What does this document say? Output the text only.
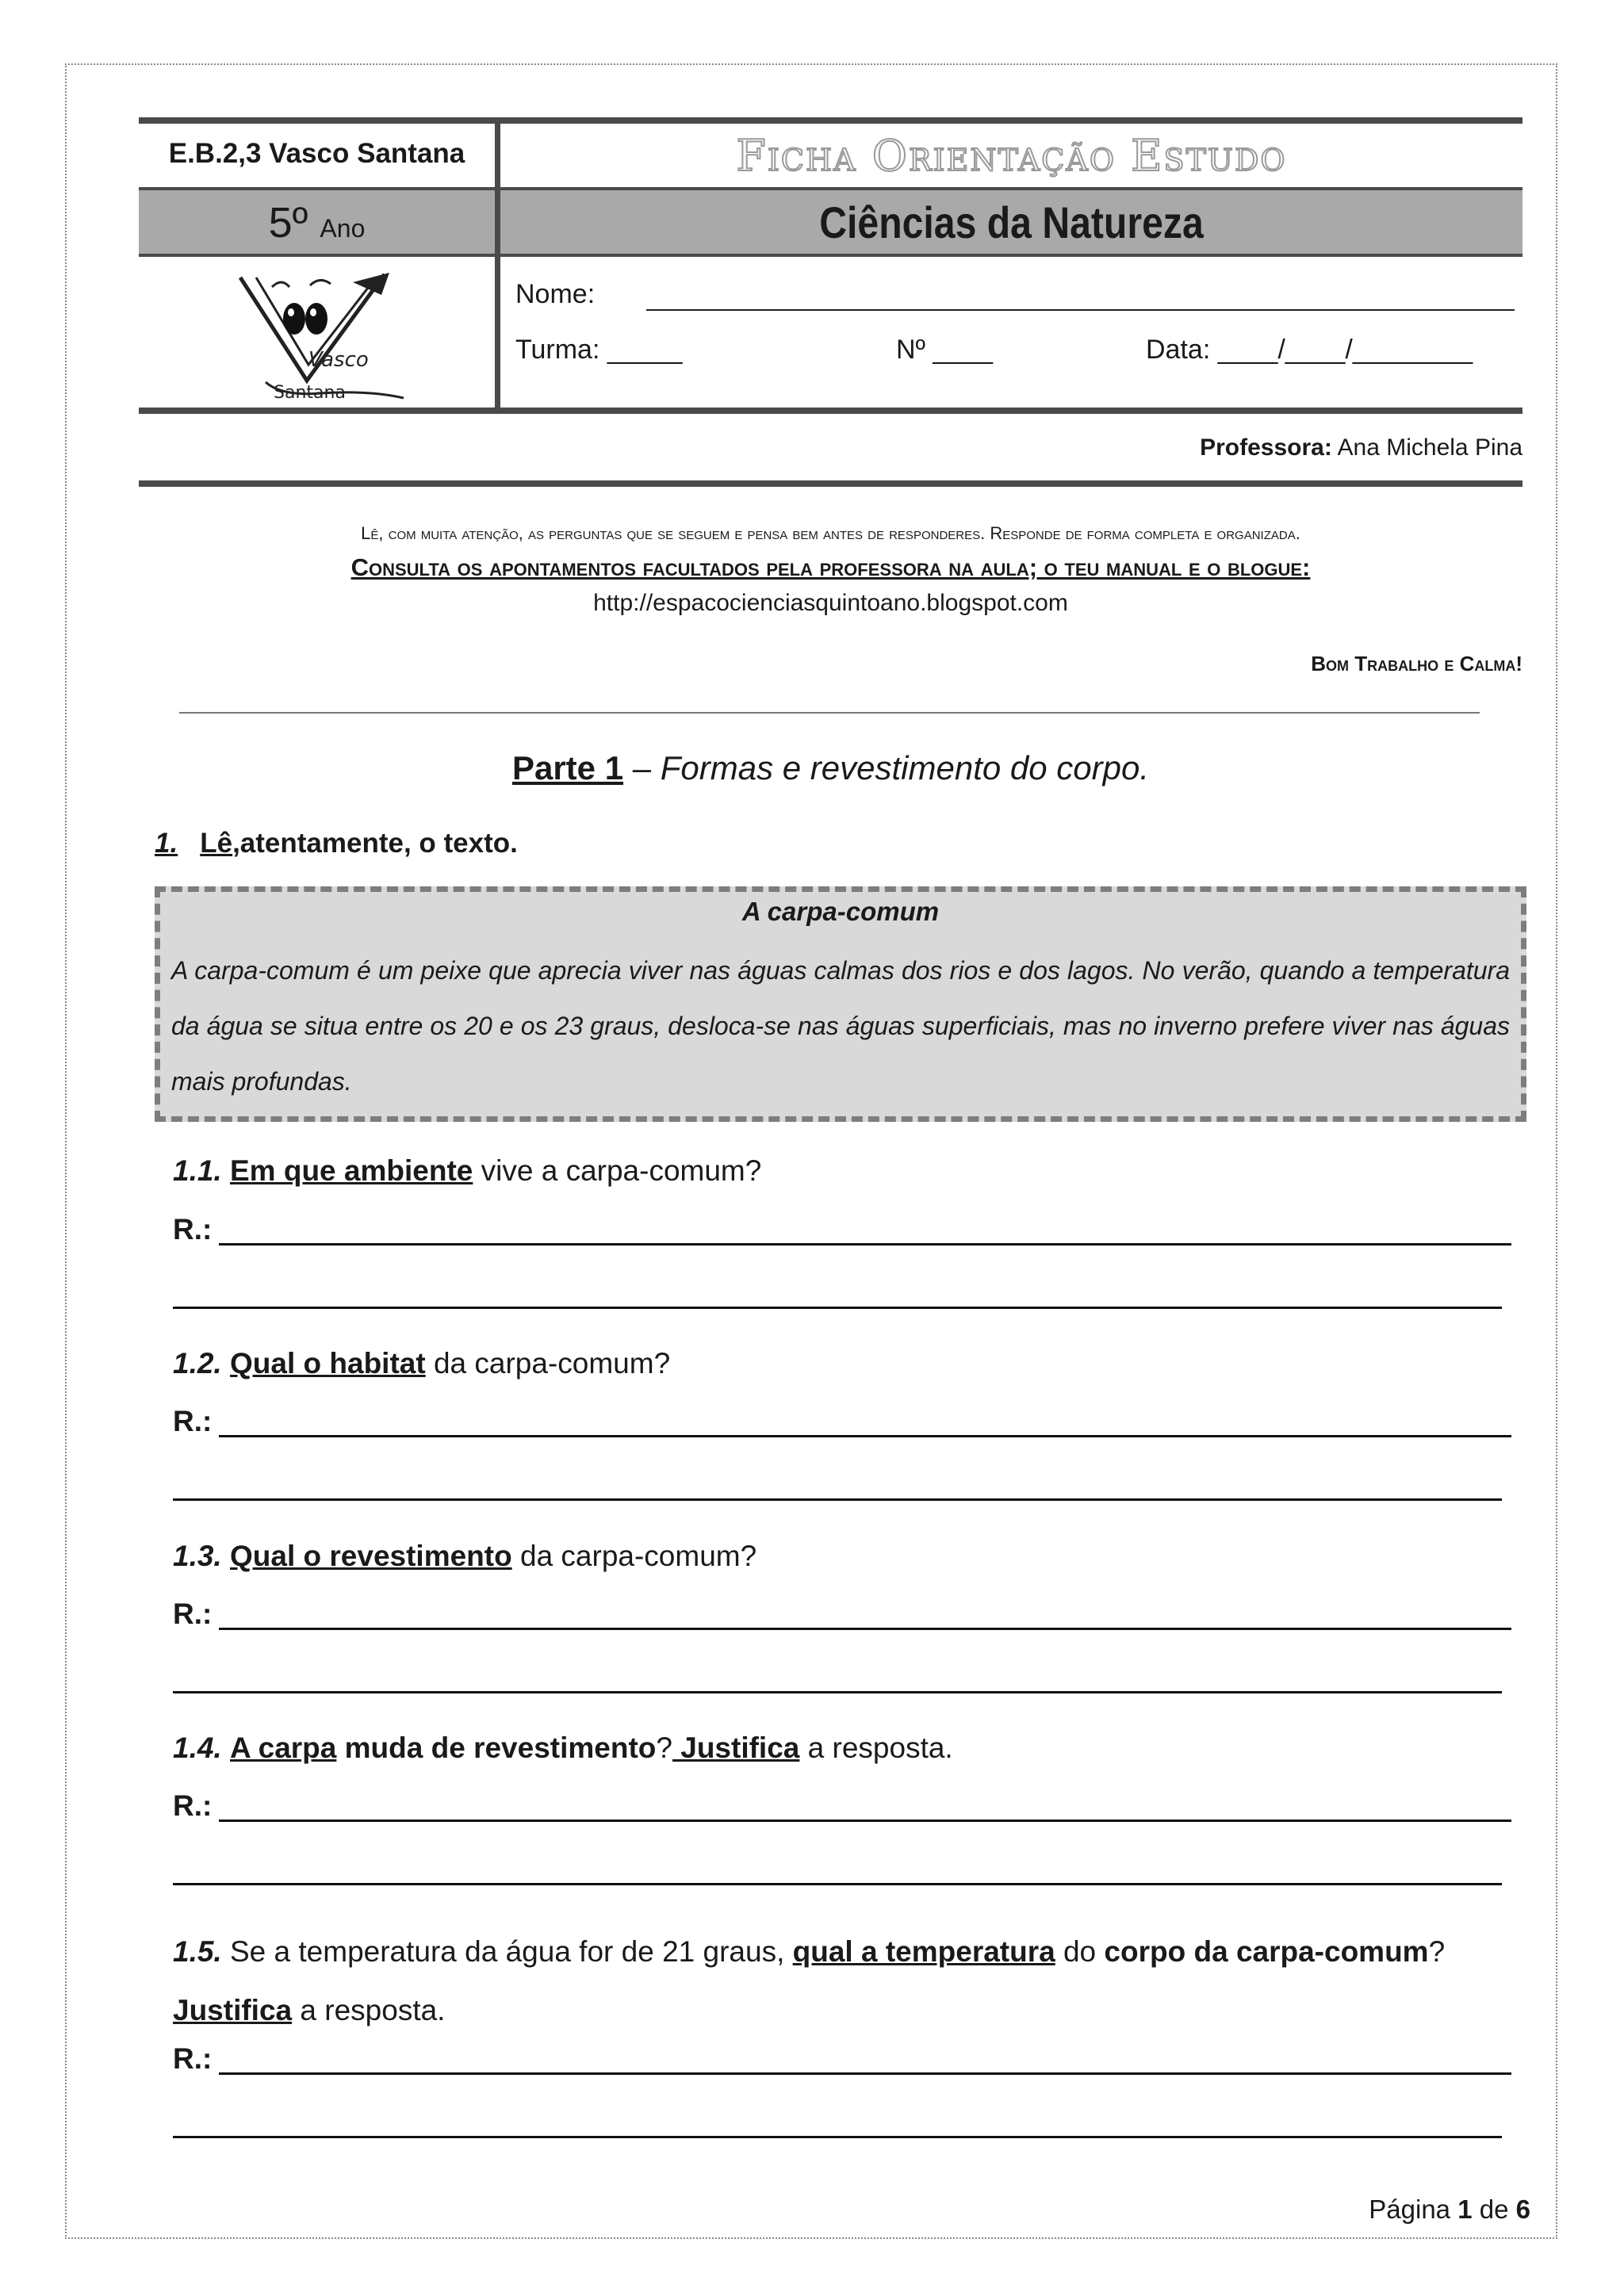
E.B.2,3 Vasco Santana	Ficha Orientação Estudo
5º Ano	Ciências da Natureza
Vasco
Santana
Nome:
Turma: _____	Nº ____	Data: ____/____/________
Professora: Ana Michela Pina
Lê, com muita atenção, as perguntas que se seguem e pensa bem antes de responderes. Responde de forma completa e organizada.
Consulta os apontamentos facultados pela professora na aula; o teu manual e o blogue:
http://espacocienciasquintoano.blogspot.com
Bom Trabalho e Calma!
Parte 1 – Formas e revestimento do corpo.
1. Lê,atentamente, o texto.
A carpa-comum
A carpa-comum é um peixe que aprecia viver nas águas calmas dos rios e dos lagos. No verão, quando a temperatura da água se situa entre os 20 e os 23 graus, desloca-se nas águas superficiais, mas no inverno prefere viver nas águas mais profundas.
1.1. Em que ambiente vive a carpa-comum?
R.:
1.2. Qual o habitat da carpa-comum?
R.:
1.3. Qual o revestimento da carpa-comum?
R.:
1.4. A carpa muda de revestimento? Justifica a resposta.
R.:
1.5. Se a temperatura da água for de 21 graus, qual a temperatura do corpo da carpa-comum?
Justifica a resposta.
R.:
Página 1 de 6
